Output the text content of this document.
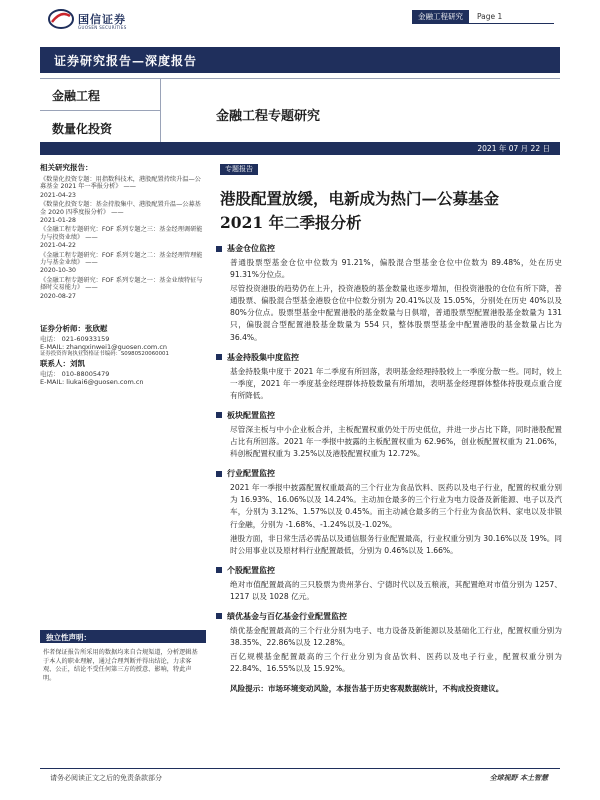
国信证券
GUOSEN SECURITIES
金融工程研究	Page 1
证券研究报告—深度报告
金融工程
数量化投资
金融工程专题研究
2021 年 07 月 22 日
相关研究报告：
《数量化投资专题：用指数科技术，港股配置持续升温—公募基金 2021 年一季报分析》 ——
2021-04-23
《数量化投资专题：基金持股集中、港股配置升温—公募基金 2020 四季度报分析》 ——
2021-01-28
《金融工程专题研究：FOF 系列专题之三：基金经理调研能力与投资业绩》 ——
2021-04-22
《金融工程专题研究：FOF 系列专题之二：基金经理管理能力与基金业绩》 ——
2020-10-30
《金融工程专题研究：FOF 系列专题之一：基金业绩特征与择时交易能力》 ——
2020-08-27
证券分析师：张欣慰
电话： 021-60933159
E-MAIL: zhangxinwei1@guosen.com.cn
证券投资咨询执业资格证书编码：S0980520060001
联系人：刘凯
电话： 010-88005479
E-MAIL: liukai6@guosen.com.cn
独立性声明：
作者保证报告所采用的数据均来自合规渠道，分析逻辑基于本人的职业理解，通过合理判断并得出结论，力求客观、公正，结论不受任何第三方的授意、影响，特此声明。
专题报告
港股配置放缓，电新成为热门—公募基金
2021 年二季报分析
基金仓位监控
普通股票型基金仓位中位数为 91.21%，偏股混合型基金仓位中位数为 89.48%，处在历史 91.31%分位点。
尽管投资港股的趋势仍在上升，投资港股的基金数量也逐步增加，但投资港股的仓位有所下降，普通股票、偏股混合型基金港股仓位中位数分别为 20.41%以及 15.05%，分别处在历史 40%以及 80%分位点。股票型基金中配置港股的基金数量与日俱增，普通股票型配置港股基金数量为 131 只，偏股混合型配置港股基金数量为 554 只，整体股票型基金中配置港股的基金数量占比为 36.4%。
基金持股集中度监控
基金持股集中度于 2021 年二季度有所回落，表明基金经理持股较上一季度分散一些。同时，较上一季度，2021 年一季度基金经理群体持股数量有所增加，表明基金经理群体整体持股观点重合度有所降低。
板块配置监控
尽管深主板与中小企业板合并，主板配置权重仍处于历史低位，并进一步占比下降，同时港股配置占比有所回落。2021 年一季报中披露的主板配置权重为 62.96%，创业板配置权重为 21.06%，科创板配置权重为 3.25%以及港股配置权重为 12.72%。
行业配置监控
2021 年一季报中披露配置权重最高的三个行业为食品饮料、医药以及电子行业，配置的权重分别为 16.93%、16.06%以及 14.24%。主动加仓最多的三个行业为电力设备及新能源、电子以及汽车，分别为 3.12%、1.57%以及 0.45%。而主动减仓最多的三个行业为食品饮料、家电以及非银行金融，分别为 -1.68%、-1.24%以及-1.02%。
港股方面，非日常生活必需品以及通信服务行业配置最高，行业权重分别为 30.16%以及 19%。同时公用事业以及原材料行业配置最低，分别为 0.46%以及 1.66%。
个股配置监控
绝对市值配置最高的三只股票为贵州茅台、宁德时代以及五粮液，其配置绝对市值分别为 1257、1217 以及 1028 亿元。
绩优基金与百亿基金行业配置监控
绩优基金配置最高的三个行业分别为电子、电力设备及新能源以及基础化工行业，配置权重分别为 38.35%、22.86%以及 12.28%。
百亿规模基金配置最高的三个行业分别为食品饮料、医药以及电子行业，配置权重分别为 22.84%、16.55%以及 15.92%。
风险提示：市场环境变动风险，本报告基于历史客观数据统计，不构成投资建议。
请务必阅读正文之后的免责条款部分	全球视野 本土智慧
